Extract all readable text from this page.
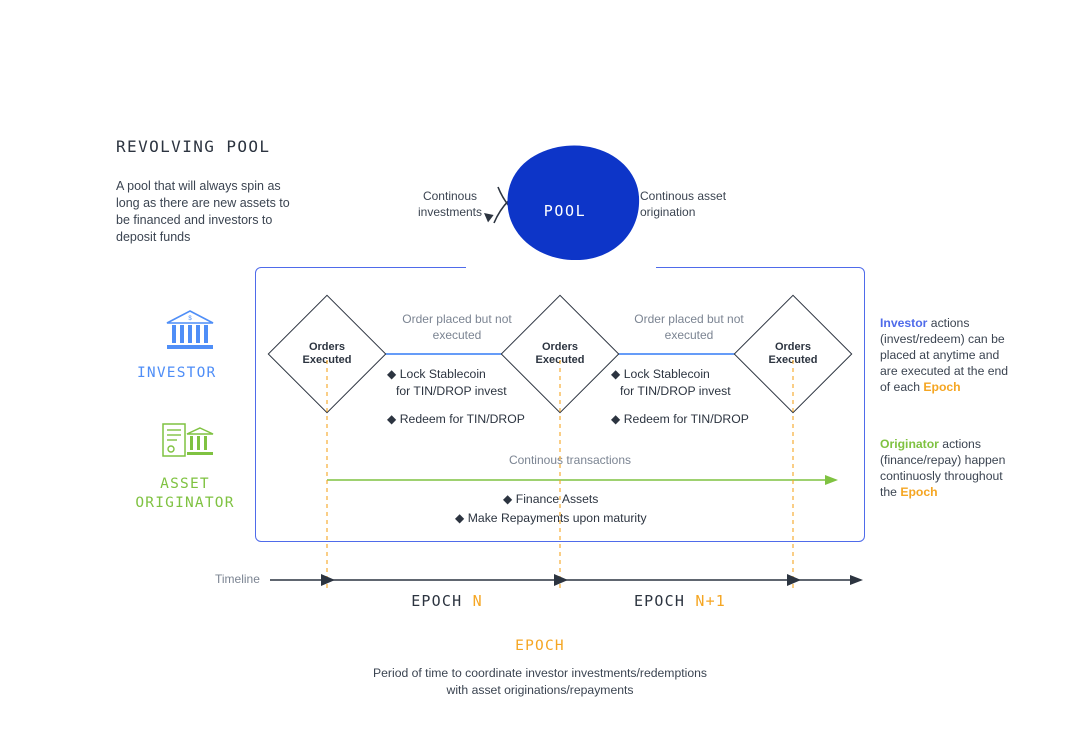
REVOLVING POOL
A pool that will always spin as long as there are new assets to be financed and investors to deposit funds
POOL
Continous investments
Continous asset origination
$
INVESTOR
ASSET
ORIGINATOR
Orders
Executed
Orders
Executed
Orders
Executed
Order placed but not executed
Order placed but not executed
◆ Lock Stablecoin
for TIN/DROP invest
◆ Redeem for TIN/DROP
◆ Lock Stablecoin
for TIN/DROP invest
◆ Redeem for TIN/DROP
Continous transactions
◆ Finance Assets
◆ Make Repayments upon maturity
Investor actions (invest/redeem) can be placed at anytime and are executed at the end of each Epoch
Originator actions (finance/repay) happen continuosly throughout the Epoch
Timeline
EPOCH N	EPOCH N+1
EPOCH
Period of time to coordinate investor investments/redemptions
with asset originations/repayments
